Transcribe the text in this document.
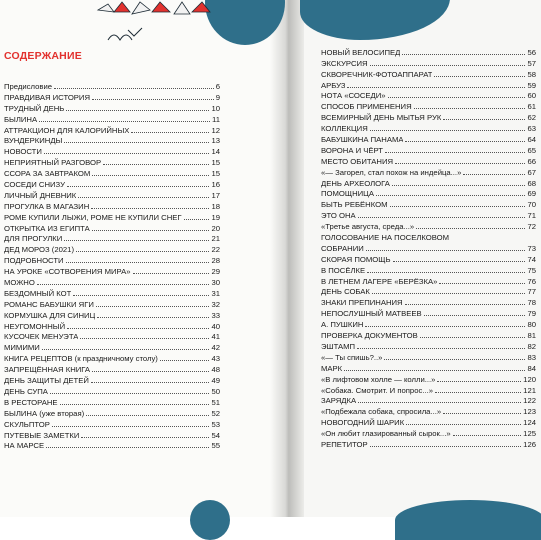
СОДЕРЖАНИЕ
Предисловие	6
ПРАВДИВАЯ ИСТОРИЯ	9
ТРУДНЫЙ ДЕНЬ	10
БЫЛИНА	11
АТТРАКЦИОН ДЛЯ КАЛОРИЙНЫХ	12
ВУНДЕРКИНДЫ	13
НОВОСТИ	14
НЕПРИЯТНЫЙ РАЗГОВОР	15
ССОРА ЗА ЗАВТРАКОМ	15
СОСЕДИ СНИЗУ	16
ЛИЧНЫЙ ДНЕВНИК	17
ПРОГУЛКА В МАГАЗИН	18
РОМЕ КУПИЛИ ЛЫЖИ, РОМЕ НЕ КУПИЛИ СНЕГ	19
ОТКРЫТКА ИЗ ЕГИПТА	20
ДЛЯ ПРОГУЛКИ	21
ДЕД МОРОЗ (2021)	22
ПОДРОБНОСТИ	28
НА УРОКЕ «СОТВОРЕНИЯ МИРА»	29
МОЖНО	30
БЕЗДОМНЫЙ КОТ	31
РОМАНС БАБУШКИ ЯГИ	32
КОРМУШКА ДЛЯ СИНИЦ	33
НЕУГОМОННЫЙ	40
КУСОЧЕК МЕНУЭТА	41
МИМИМИ	42
КНИГА РЕЦЕПТОВ (к праздничному столу)	43
ЗАПРЕЩЁННАЯ КНИГА	48
ДЕНЬ ЗАЩИТЫ ДЕТЕЙ	49
ДЕНЬ СУПА	50
В РЕСТОРАНЕ	51
БЫЛИНА (уже вторая)	52
СКУЛЬПТОР	53
ПУТЕВЫЕ ЗАМЕТКИ	54
НА МАРСЕ	55
НОВЫЙ ВЕЛОСИПЕД	56
ЭКСКУРСИЯ	57
СКВОРЕЧНИК-ФОТОАППАРАТ	58
АРБУЗ	59
НОТА «СОСЕДИ»	60
СПОСОБ ПРИМЕНЕНИЯ	61
ВСЕМИРНЫЙ ДЕНЬ МЫТЬЯ РУК	62
КОЛЛЕКЦИЯ	63
БАБУШКИНА ПАНАМА	64
ВОРОНА И ЧЁРТ	65
МЕСТО ОБИТАНИЯ	66
«— Загорел, стал похож на индейца...»	67
ДЕНЬ АРХЕОЛОГА	68
ПОМОЩНИЦА	69
БЫТЬ РЕБЁНКОМ	70
ЭТО ОНА	71
«Третье августа, среда...»	72
ГОЛОСОВАНИЕ НА ПОСЕЛКОВОМ
СОБРАНИИ	73
СКОРАЯ ПОМОЩЬ	74
В ПОСЁЛКЕ	75
В ЛЕТНЕМ ЛАГЕРЕ «БЕРЁЗКА»	76
ДЕНЬ СОБАК	77
ЗНАКИ ПРЕПИНАНИЯ	78
НЕПОСЛУШНЫЙ МАТВЕЕВ	79
А. ПУШКИН	80
ПРОВЕРКА ДОКУМЕНТОВ	81
ЭШТАМП	82
«— Ты спишь?..»	83
МАРК	84
«В лифтовом холле — колли...»	120
«Собака. Смотрит. И попрос...»	121
ЗАРЯДКА	122
«Подбежала собака, спросила...»	123
НОВОГОДНИЙ ШАРИК	124
«Он любит глазированный сырок...»	125
РЕПЕТИТОР	126
